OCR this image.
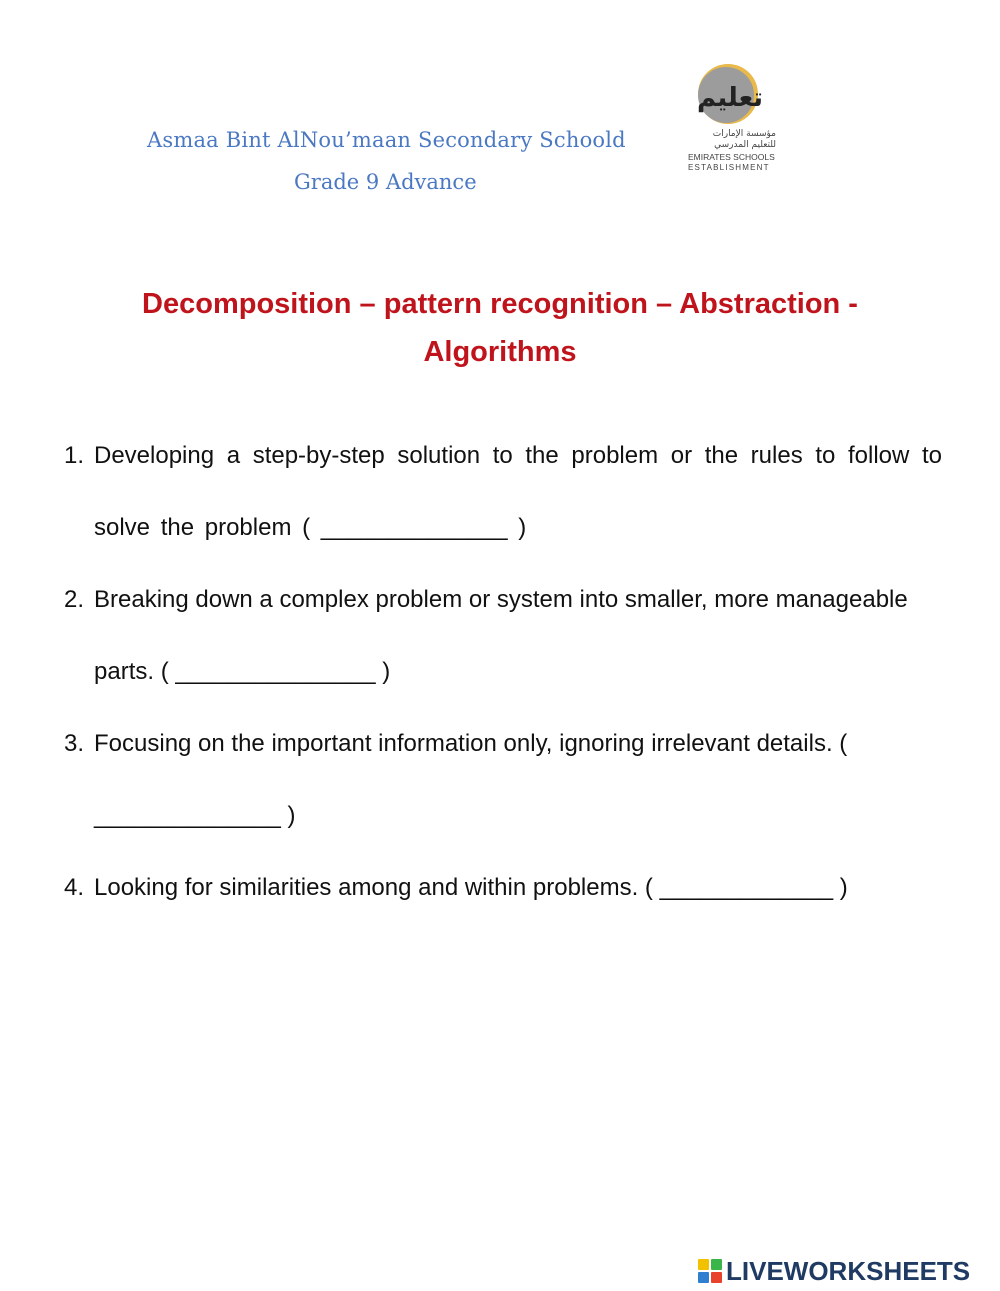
Asmaa Bint AlNou’maan Secondary Schoold
Grade 9 Advance
تعليم
مؤسسة الإمارات
للتعليم المدرسي
EMIRATES SCHOOLS
ESTABLISHMENT
Decomposition – pattern recognition – Abstraction -
Algorithms
1. Developing a step-by-step solution to the problem or the rules to follow to solve the problem ( ______________ )
2. Breaking down a complex problem or system into smaller, more manageable parts. ( _______________ )
3. Focusing on the important information only, ignoring irrelevant details. ( ______________ )
4. Looking for similarities among and within problems. ( _____________ )
LIVEWORKSHEETS
